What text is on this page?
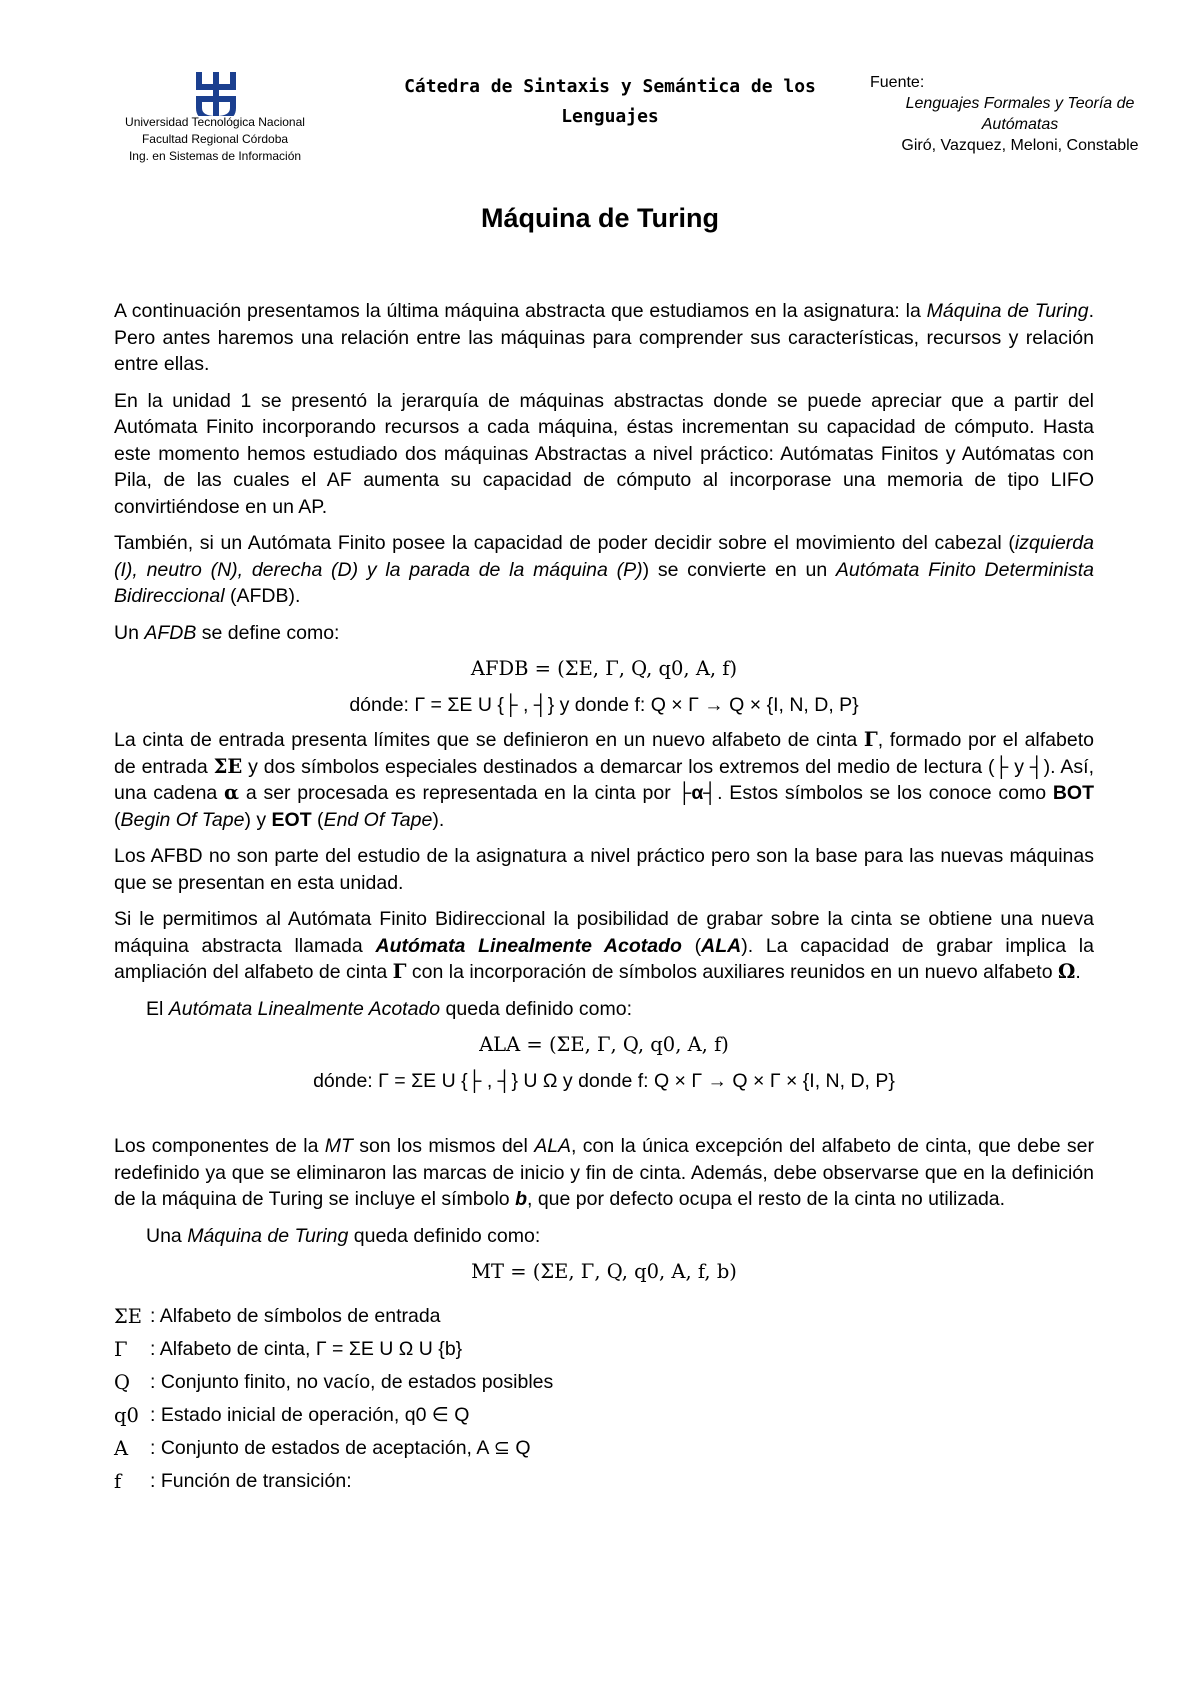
Universidad Tecnológica Nacional
Facultad Regional Córdoba
Ing. en Sistemas de Información
Cátedra de Sintaxis y Semántica de los Lenguajes
Fuente:
Lenguajes Formales y Teoría de Autómatas
Giró, Vazquez, Meloni, Constable
Máquina de Turing

A continuación presentamos la última máquina abstracta que estudiamos en la asignatura: la Máquina de Turing. Pero antes haremos una relación entre las máquinas para comprender sus características, recursos y relación entre ellas.

En la unidad 1 se presentó la jerarquía de máquinas abstractas donde se puede apreciar que a partir del Autómata Finito incorporando recursos a cada máquina, éstas incrementan su capacidad de cómputo. Hasta este momento hemos estudiado dos máquinas Abstractas a nivel práctico: Autómatas Finitos y Autómatas con Pila, de las cuales el AF aumenta su capacidad de cómputo al incorporase una memoria de tipo LIFO convirtiéndose en un AP.

También, si un Autómata Finito posee la capacidad de poder decidir sobre el movimiento del cabezal (izquierda (I), neutro (N), derecha (D) y la parada de la máquina (P)) se convierte en un Autómata Finito Determinista Bidireccional (AFDB).

Un AFDB se define como:

AFDB = (ΣE, Γ, Q, q0, A, f)
dónde: Γ = ΣE U {├ , ┤} y donde f: Q × Γ → Q × {I, N, D, P}

La cinta de entrada presenta límites que se definieron en un nuevo alfabeto de cinta Γ, formado por el alfabeto de entrada ΣE y dos símbolos especiales destinados a demarcar los extremos del medio de lectura (├ y ┤). Así, una cadena α a ser procesada es representada en la cinta por ├α┤. Estos símbolos se los conoce como BOT (Begin Of Tape) y EOT (End Of Tape).

Los AFBD no son parte del estudio de la asignatura a nivel práctico pero son la base para las nuevas máquinas que se presentan en esta unidad.

Si le permitimos al Autómata Finito Bidireccional la posibilidad de grabar sobre la cinta se obtiene una nueva máquina abstracta llamada Autómata Linealmente Acotado (ALA). La capacidad de grabar implica la ampliación del alfabeto de cinta Γ con la incorporación de símbolos auxiliares reunidos en un nuevo alfabeto Ω.

El Autómata Linealmente Acotado queda definido como:

ALA = (ΣE, Γ, Q, q0, A, f)
dónde: Γ = ΣE U {├ , ┤} U Ω y donde f: Q × Γ → Q × Γ × {I, N, D, P}

Los componentes de la MT son los mismos del ALA, con la única excepción del alfabeto de cinta, que debe ser redefinido ya que se eliminaron las marcas de inicio y fin de cinta. Además, debe observarse que en la definición de la máquina de Turing se incluye el símbolo b, que por defecto ocupa el resto de la cinta no utilizada.

Una Máquina de Turing queda definido como:

MT = (ΣE, Γ, Q, q0, A, f, b)
ΣE : Alfabeto de símbolos de entrada
Γ	: Alfabeto de cinta, Γ = ΣE U Ω U {b}
Q	: Conjunto finito, no vacío, de estados posibles
q0 : Estado inicial de operación, q0 ∈ Q
A	: Conjunto de estados de aceptación, A ⊆ Q
f	: Función de transición:
